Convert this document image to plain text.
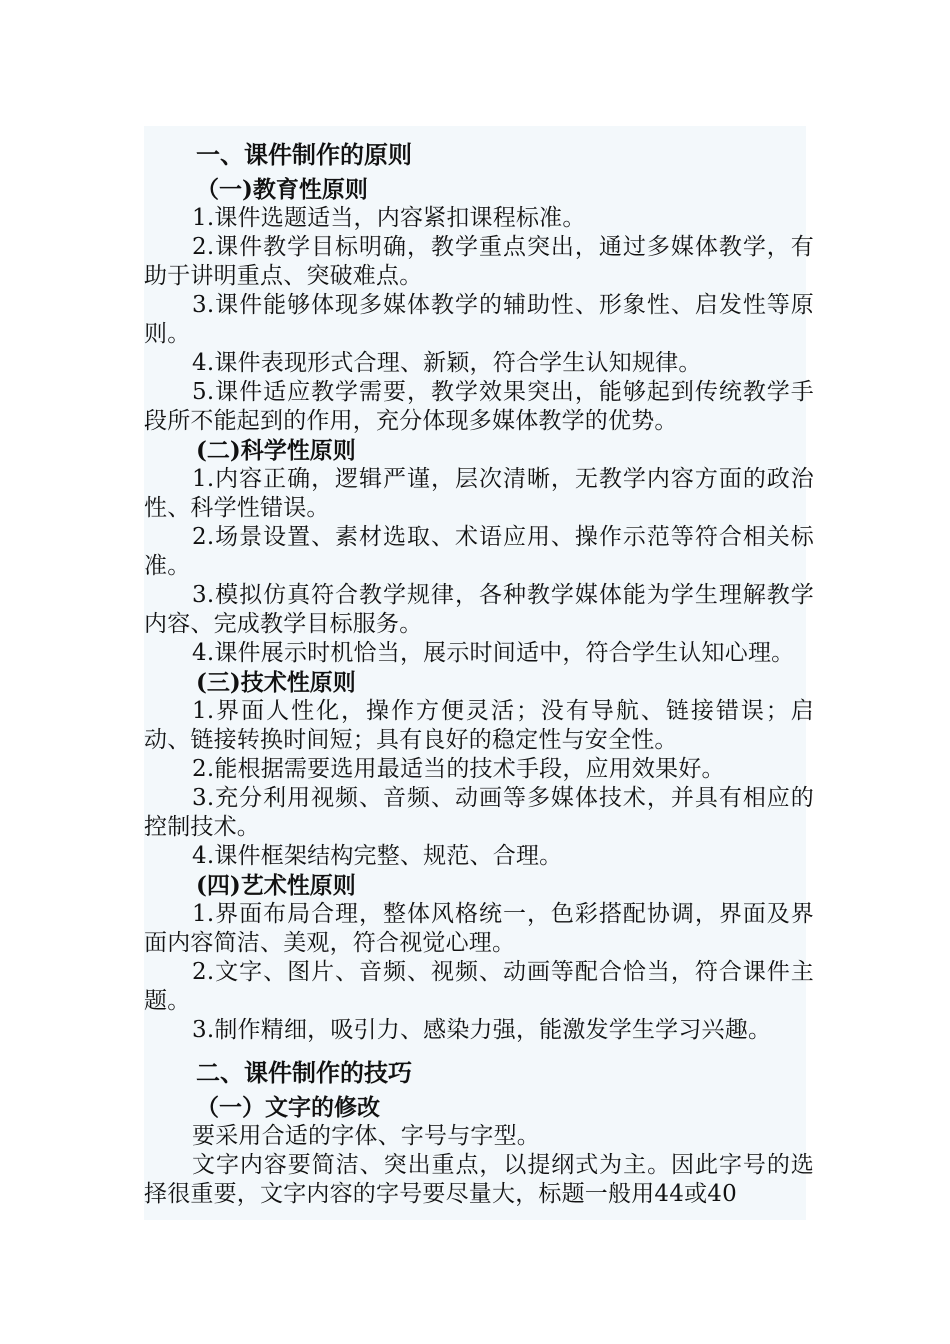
一、课件制作的原则
（一)教育性原则

1.课件选题适当，内容紧扣课程标准。

2.课件教学目标明确，教学重点突出，通过多媒体教学，有助于讲明重点、突破难点。

3.课件能够体现多媒体教学的辅助性、形象性、启发性等原则。

4.课件表现形式合理、新颖，符合学生认知规律。

5.课件适应教学需要，教学效果突出，能够起到传统教学手段所不能起到的作用，充分体现多媒体教学的优势。

(二)科学性原则

1.内容正确，逻辑严谨，层次清晰，无教学内容方面的政治性、科学性错误。

2.场景设置、素材选取、术语应用、操作示范等符合相关标准。

3.模拟仿真符合教学规律，各种教学媒体能为学生理解教学内容、完成教学目标服务。

4.课件展示时机恰当，展示时间适中，符合学生认知心理。

(三)技术性原则

1.界面人性化，操作方便灵活；没有导航、链接错误；启动、链接转换时间短；具有良好的稳定性与安全性。

2.能根据需要选用最适当的技术手段，应用效果好。

3.充分利用视频、音频、动画等多媒体技术，并具有相应的控制技术。

4.课件框架结构完整、规范、合理。

(四)艺术性原则

1.界面布局合理，整体风格统一，色彩搭配协调，界面及界面内容简洁、美观，符合视觉心理。

2.文字、图片、音频、视频、动画等配合恰当，符合课件主题。

3.制作精细，吸引力、感染力强，能激发学生学习兴趣。

二、课件制作的技巧
（一）文字的修改

要采用合适的字体、字号与字型。

文字内容要简洁、突出重点，以提纲式为主。因此字号的选择很重要，文字内容的字号要尽量大，标题一般用44或40
